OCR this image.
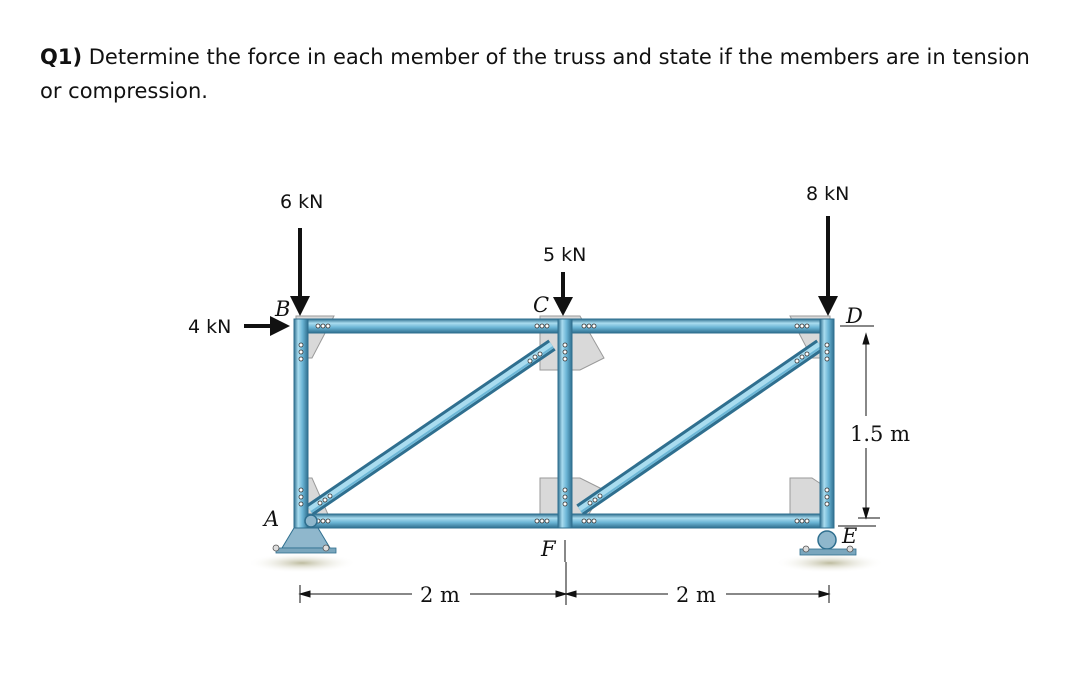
Q1) Determine the force in each member of the truss and state if the members are in tension or compression.
6 kN
5 kN
8 kN
4 kN
A
B	C	D
E
F
2 m	2 m
1.5 m
